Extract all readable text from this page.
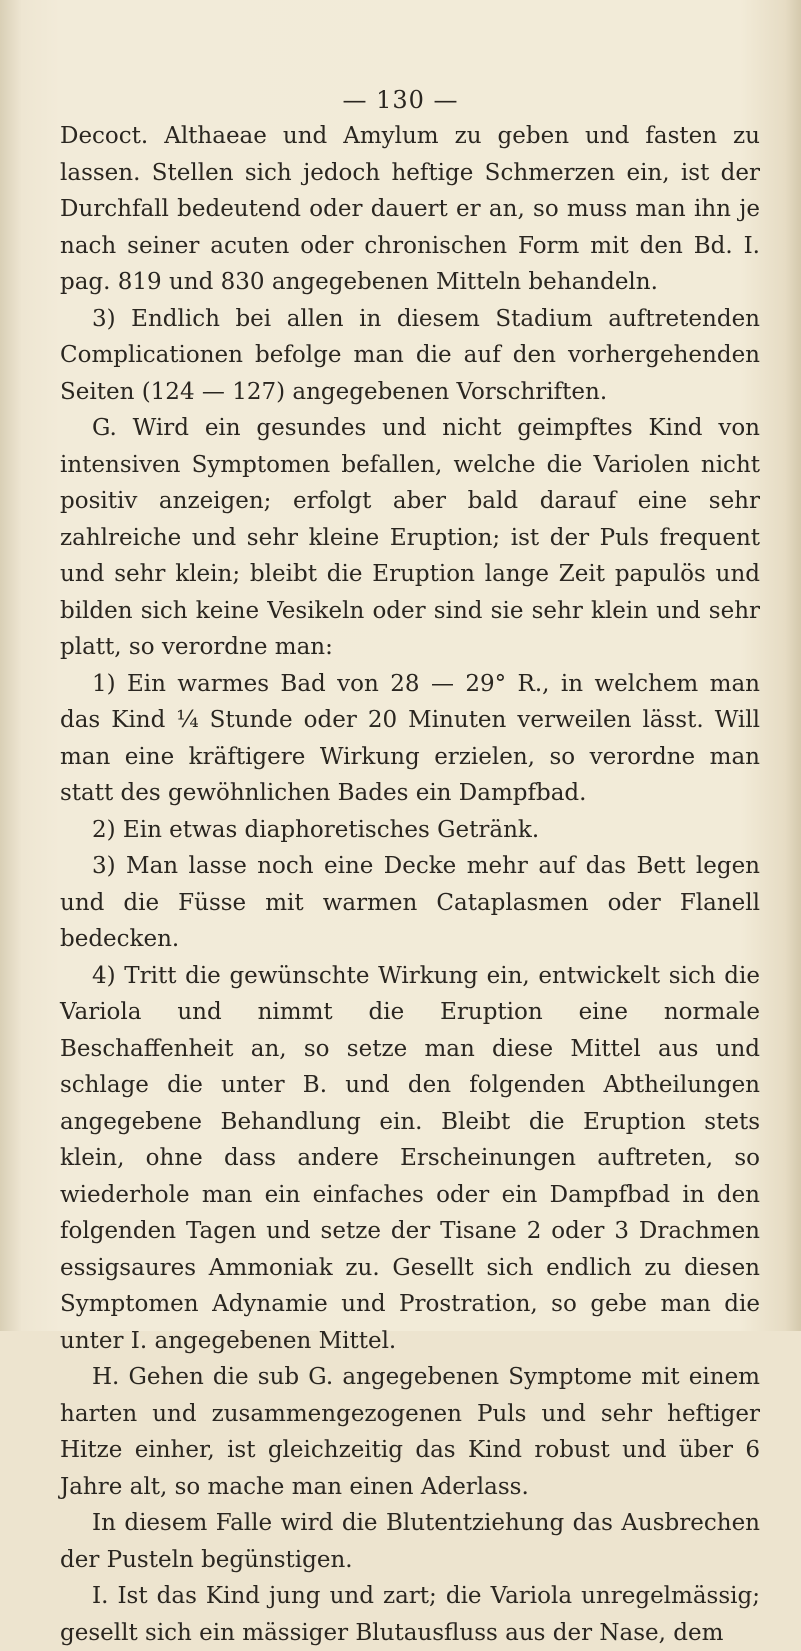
— 130 —

Decoct. Althaeae und Amylum zu geben und fasten zu lassen. Stellen sich jedoch heftige Schmerzen ein, ist der Durchfall bedeutend oder dauert er an, so muss man ihn je nach seiner acuten oder chronischen Form mit den Bd. I. pag. 819 und 830 angegebenen Mitteln behandeln.

3) Endlich bei allen in diesem Stadium auftretenden Complicationen befolge man die auf den vorhergehenden Seiten (124 — 127) angegebenen Vorschriften.

G. Wird ein gesundes und nicht geimpftes Kind von intensiven Symptomen befallen, welche die Variolen nicht positiv anzeigen; erfolgt aber bald darauf eine sehr zahlreiche und sehr kleine Eruption; ist der Puls frequent und sehr klein; bleibt die Eruption lange Zeit papulös und bilden sich keine Vesikeln oder sind sie sehr klein und sehr platt, so verordne man:

1) Ein warmes Bad von 28 — 29° R., in welchem man das Kind ¼ Stunde oder 20 Minuten verweilen lässt. Will man eine kräftigere Wirkung erzielen, so verordne man statt des gewöhnlichen Bades ein Dampfbad.

2) Ein etwas diaphoretisches Getränk.

3) Man lasse noch eine Decke mehr auf das Bett legen und die Füsse mit warmen Cataplasmen oder Flanell bedecken.

4) Tritt die gewünschte Wirkung ein, entwickelt sich die Variola und nimmt die Eruption eine normale Beschaffenheit an, so setze man diese Mittel aus und schlage die unter B. und den folgenden Abtheilungen angegebene Behandlung ein. Bleibt die Eruption stets klein, ohne dass andere Erscheinungen auftreten, so wiederhole man ein einfaches oder ein Dampfbad in den folgenden Tagen und setze der Tisane 2 oder 3 Drachmen essigsaures Ammoniak zu. Gesellt sich endlich zu diesen Symptomen Adynamie und Prostration, so gebe man die unter I. angegebenen Mittel.

H. Gehen die sub G. angegebenen Symptome mit einem harten und zusammengezogenen Puls und sehr heftiger Hitze einher, ist gleichzeitig das Kind robust und über 6 Jahre alt, so mache man einen Aderlass.

In diesem Falle wird die Blutentziehung das Ausbrechen der Pusteln begünstigen.

I. Ist das Kind jung und zart; die Variola unregelmässig; gesellt sich ein mässiger Blutausfluss aus der Nase, dem
